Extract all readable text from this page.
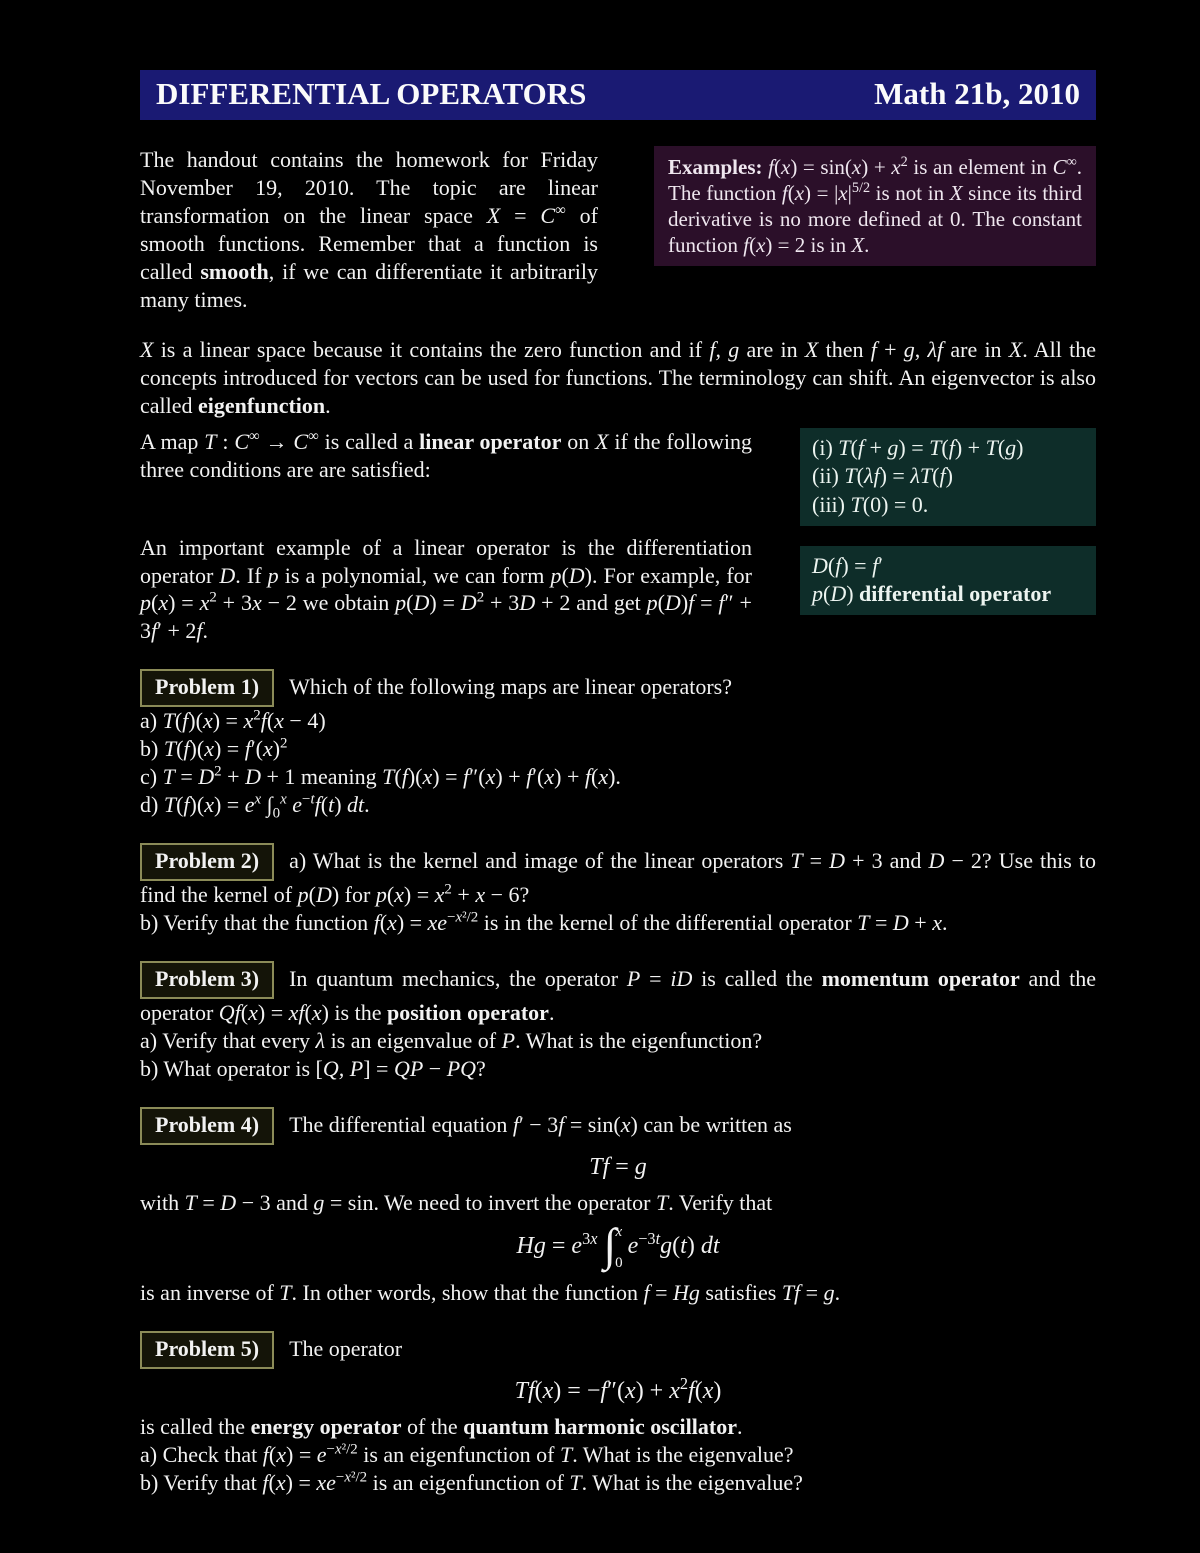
DIFFERENTIAL OPERATORS	Math 21b, 2010
The handout contains the homework for Friday November 19, 2010. The topic are linear transformation on the linear space X = C∞ of smooth functions. Remember that a function is called smooth, if we can differentiate it arbitrarily many times.
Examples: $f(x) = \sin(x) + x^2$ is an element in C∞. The function $f(x) = |x|^{5/2}$ is not in X since its third derivative is no more defined at 0. The constant function f(x) = 2 is in X.
X is a linear space because it contains the zero function and if f, g are in X then f + g, λf are in X. All the concepts introduced for vectors can be used for functions. The terminology can shift. An eigenvector is also called eigenfunction.
A map T : C∞ → C∞ is called a linear operator on X if the following three conditions are are satisfied:
(i) T(f + g) = T(f) + T(g)
(ii) T(λf) = λT(f)
(iii) T(0) = 0.
An important example of a linear operator is the differentiation operator D. If p is a polynomial, we can form p(D). For example, for $p(x) = x^2 + 3x - 2$ we obtain $p(D) = D^2 + 3D + 2$ and get p(D)f = f″ + 3f′ + 2f.
D(f) = f′
p(D) differential operator
Problem 1) Which of the following maps are linear operators?
a) $T(f)(x) = x^2f(x - 4)$
b) $T(f)(x) = f'(x)^2$
c) $T = D^2 + D + 1$ meaning T(f)(x) = f″(x) + f′(x) + f(x).
d) $T(f)(x) = e^x$ $\int_0^x$ $e^{-t}f(t)$ dt.
Problem 2) a) What is the kernel and image of the linear operators T = D + 3 and D − 2? Use this to find the kernel of p(D) for $p(x) = x^2 + x - 6$?
b) Verify that the function $f(x) = xe^{-x^2/2}$ is in the kernel of the differential operator T = D + x.
Problem 3) In quantum mechanics, the operator P = iD is called the momentum operator and the operator Qf(x) = xf(x) is the position operator.
a) Verify that every λ is an eigenvalue of P. What is the eigenfunction?
b) What operator is [Q, P] = QP − PQ?
Problem 4) The differential equation f′ − 3f = sin(x) can be written as
Tf = g
with T = D − 3 and g = sin. We need to invert the operator T. Verify that
$Hg = e^{3x}$ ∫ x
0
$e^{-3t}g(t)$ dt
is an inverse of T. In other words, show that the function f = Hg satisfies Tf = g.
Problem 5) The operator
$Tf(x) = -f''(x) + x^2f(x)$
is called the energy operator of the quantum harmonic oscillator.
a) Check that $f(x) = e^{-x^2/2}$ is an eigenfunction of T. What is the eigenvalue?
b) Verify that $f(x) = xe^{-x^2/2}$ is an eigenfunction of T. What is the eigenvalue?
